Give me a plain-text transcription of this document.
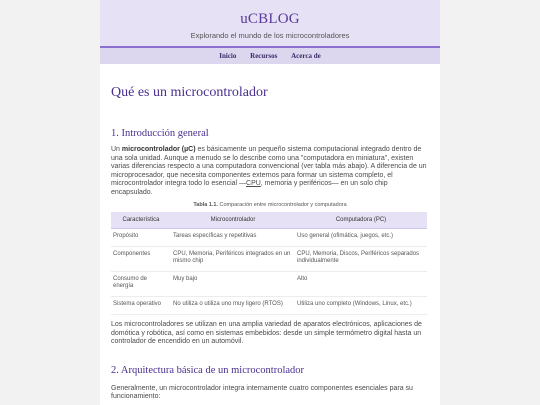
uCBLOG
Explorando el mundo de los microcontroladores
Inicio Recursos Acerca de
Qué es un microcontrolador
1. Introducción general
Un microcontrolador (µC) es básicamente un pequeño sistema computacional integrado dentro de una sola unidad. Aunque a menudo se lo describe como una "computadora en miniatura", existen varias diferencias respecto a una computadora convencional (ver tabla más abajo). A diferencia de un microprocesador, que necesita componentes externos para formar un sistema completo, el microcontrolador integra todo lo esencial —CPU, memoria y periféricos— en un solo chip encapsulado.
Tabla 1.1. Comparación entre microcontrolador y computadora
Característica	Microcontrolador	Computadora (PC)
Propósito	Tareas específicas y repetitivas	Uso general (ofimática, juegos, etc.)
Componentes	CPU, Memoria, Periféricos integrados en un mismo chip	CPU, Memoria, Discos, Periféricos separados individualmente
Consumo de energía	Muy bajo	Alto
Sistema operativo	No utiliza o utiliza uno muy ligero (RTOS)	Utiliza uno completo (Windows, Linux, etc.)
Los microcontroladores se utilizan en una amplia variedad de aparatos electrónicos, aplicaciones de domótica y robótica, así como en sistemas embebidos: desde un simple termómetro digital hasta un controlador de encendido en un automóvil.
2. Arquitectura básica de un microcontrolador
Generalmente, un microcontrolador integra internamente cuatro componentes esenciales para su funcionamiento:
